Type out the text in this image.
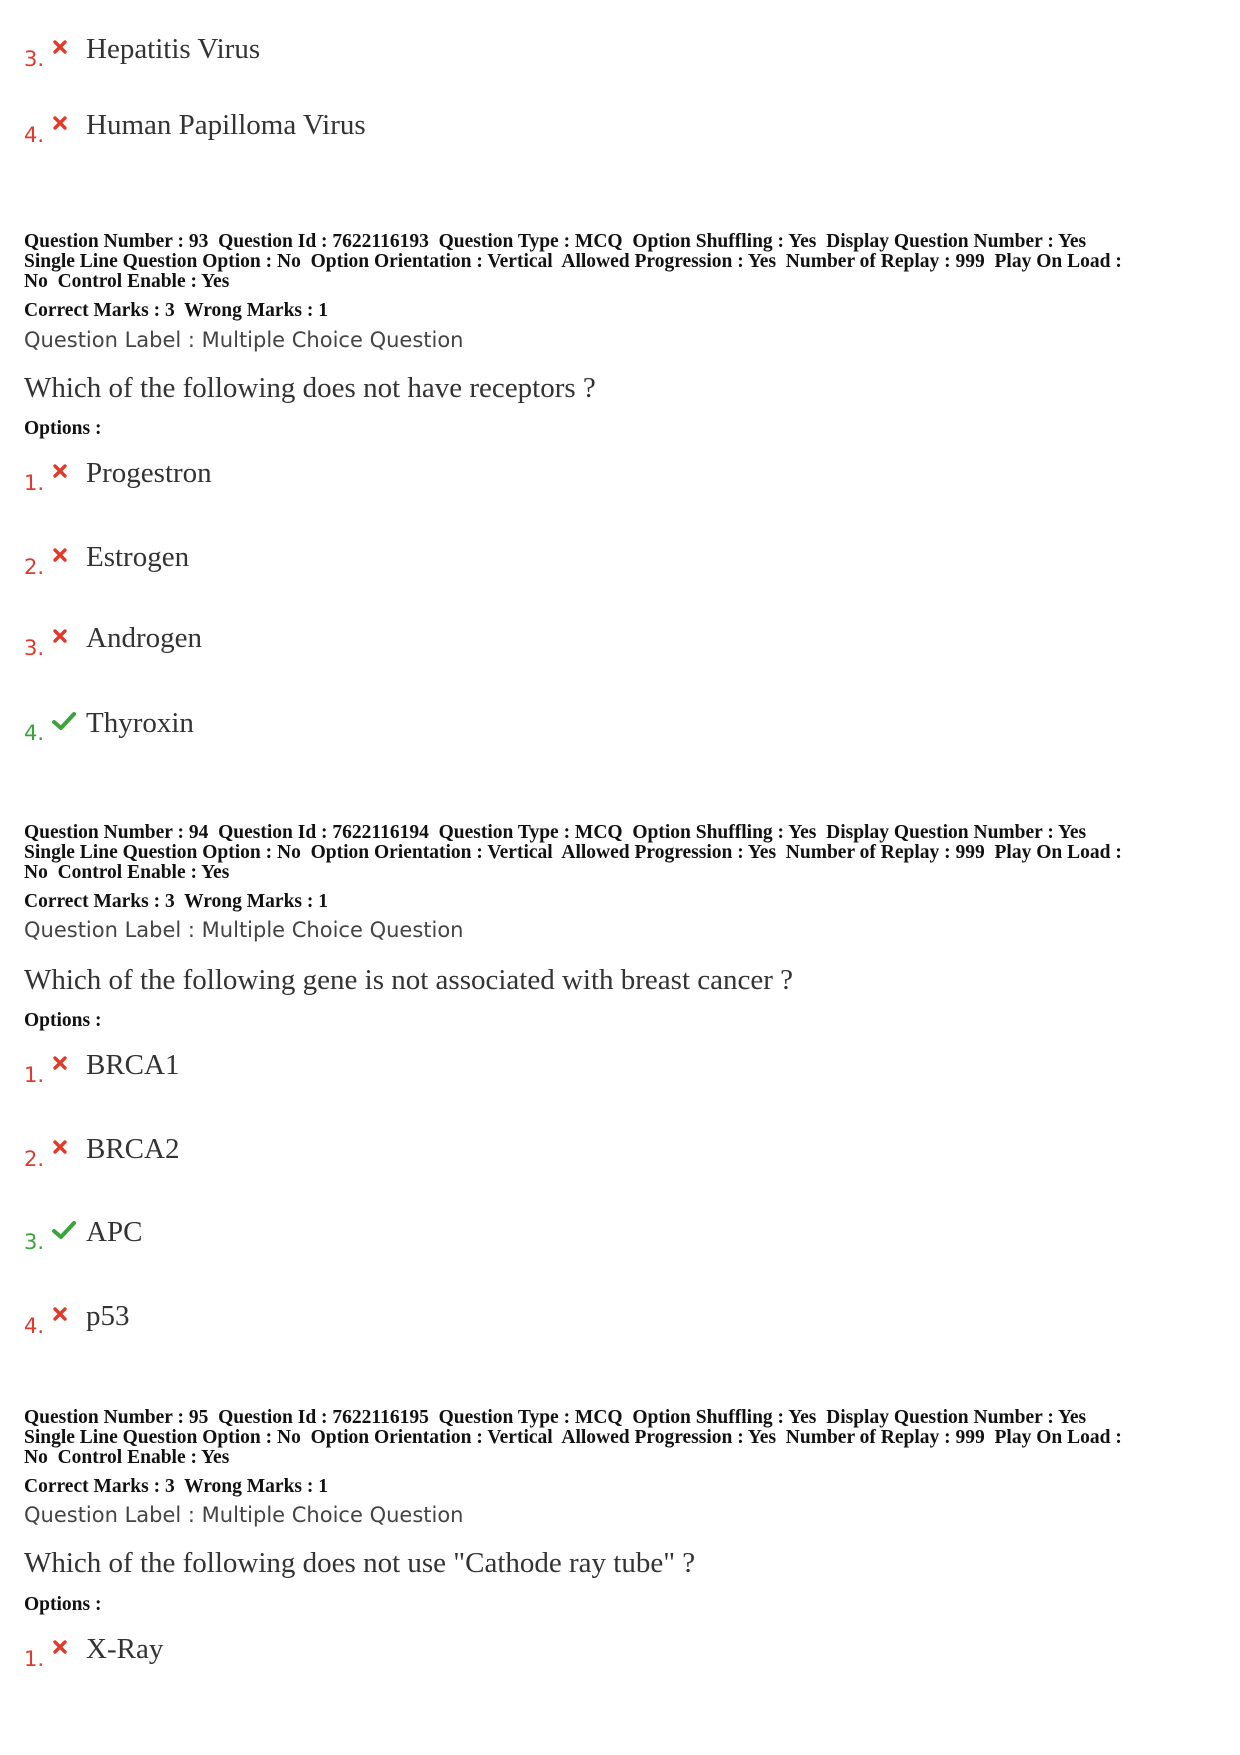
3.	Hepatitis Virus
4.	Human Papilloma Virus
Question Number : 93  Question Id : 7622116193  Question Type : MCQ  Option Shuffling : Yes  Display Question Number : Yes
Single Line Question Option : No  Option Orientation : Vertical  Allowed Progression : Yes  Number of Replay : 999  Play On Load :
No  Control Enable : Yes
Correct Marks : 3  Wrong Marks : 1
Question Label : Multiple Choice Question
Which of the following does not have receptors ?
Options :
1.	Progestron
2.	Estrogen
3.	Androgen
4.	Thyroxin
Question Number : 94  Question Id : 7622116194  Question Type : MCQ  Option Shuffling : Yes  Display Question Number : Yes
Single Line Question Option : No  Option Orientation : Vertical  Allowed Progression : Yes  Number of Replay : 999  Play On Load :
No  Control Enable : Yes
Correct Marks : 3  Wrong Marks : 1
Question Label : Multiple Choice Question
Which of the following gene is not associated with breast cancer ?
Options :
1.	BRCA1
2.	BRCA2
3.	APC
4.	p53
Question Number : 95  Question Id : 7622116195  Question Type : MCQ  Option Shuffling : Yes  Display Question Number : Yes
Single Line Question Option : No  Option Orientation : Vertical  Allowed Progression : Yes  Number of Replay : 999  Play On Load :
No  Control Enable : Yes
Correct Marks : 3  Wrong Marks : 1
Question Label : Multiple Choice Question
Which of the following does not use "Cathode ray tube" ?
Options :
1.	X-Ray
